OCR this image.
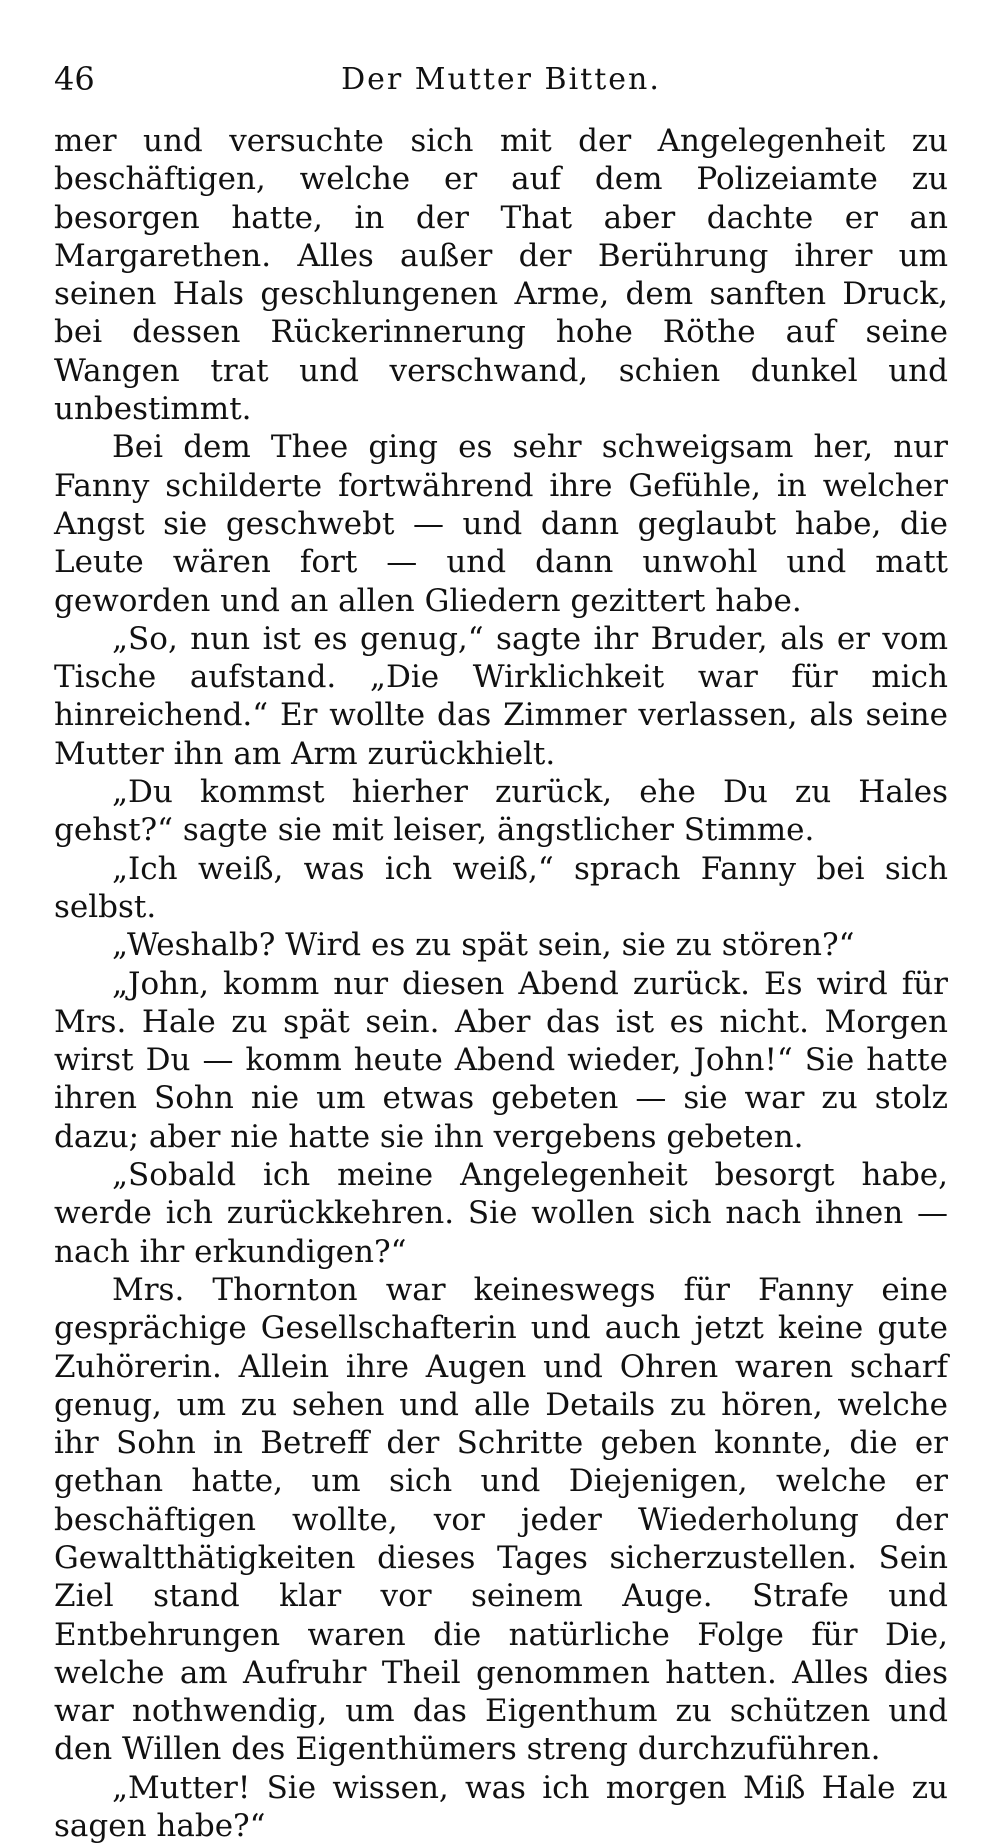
46	Der Mutter Bitten.

mer und versuchte sich mit der Angelegenheit zu beschäftigen, welche er auf dem Polizeiamte zu besorgen hatte, in der That aber dachte er an Margarethen. Alles außer der Berührung ihrer um seinen Hals geschlungenen Arme, dem sanften Druck, bei dessen Rückerinnerung hohe Röthe auf seine Wangen trat und verschwand, schien dunkel und unbestimmt.

Bei dem Thee ging es sehr schweigsam her, nur Fanny schilderte fortwährend ihre Gefühle, in welcher Angst sie geschwebt — und dann geglaubt habe, die Leute wären fort — und dann unwohl und matt geworden und an allen Gliedern gezittert habe.

„So, nun ist es genug,“ sagte ihr Bruder, als er vom Tische aufstand. „Die Wirklichkeit war für mich hinreichend.“ Er wollte das Zimmer verlassen, als seine Mutter ihn am Arm zurückhielt.

„Du kommst hierher zurück, ehe Du zu Hales gehst?“ sagte sie mit leiser, ängstlicher Stimme.

„Ich weiß, was ich weiß,“ sprach Fanny bei sich selbst.

„Weshalb? Wird es zu spät sein, sie zu stören?“

„John, komm nur diesen Abend zurück. Es wird für Mrs. Hale zu spät sein. Aber das ist es nicht. Morgen wirst Du — komm heute Abend wieder, John!“ Sie hatte ihren Sohn nie um etwas gebeten — sie war zu stolz dazu; aber nie hatte sie ihn vergebens gebeten.

„Sobald ich meine Angelegenheit besorgt habe, werde ich zurückkehren. Sie wollen sich nach ihnen — nach ihr erkundigen?“

Mrs. Thornton war keineswegs für Fanny eine gesprächige Gesellschafterin und auch jetzt keine gute Zuhörerin. Allein ihre Augen und Ohren waren scharf genug, um zu sehen und alle Details zu hören, welche ihr Sohn in Betreff der Schritte geben konnte, die er gethan hatte, um sich und Diejenigen, welche er beschäftigen wollte, vor jeder Wiederholung der Gewaltthätigkeiten dieses Tages sicherzustellen. Sein Ziel stand klar vor seinem Auge. Strafe und Entbehrungen waren die natürliche Folge für Die, welche am Aufruhr Theil genommen hatten. Alles dies war nothwendig, um das Eigenthum zu schützen und den Willen des Eigenthümers streng durchzuführen.

„Mutter! Sie wissen, was ich morgen Miß Hale zu sagen habe?“
